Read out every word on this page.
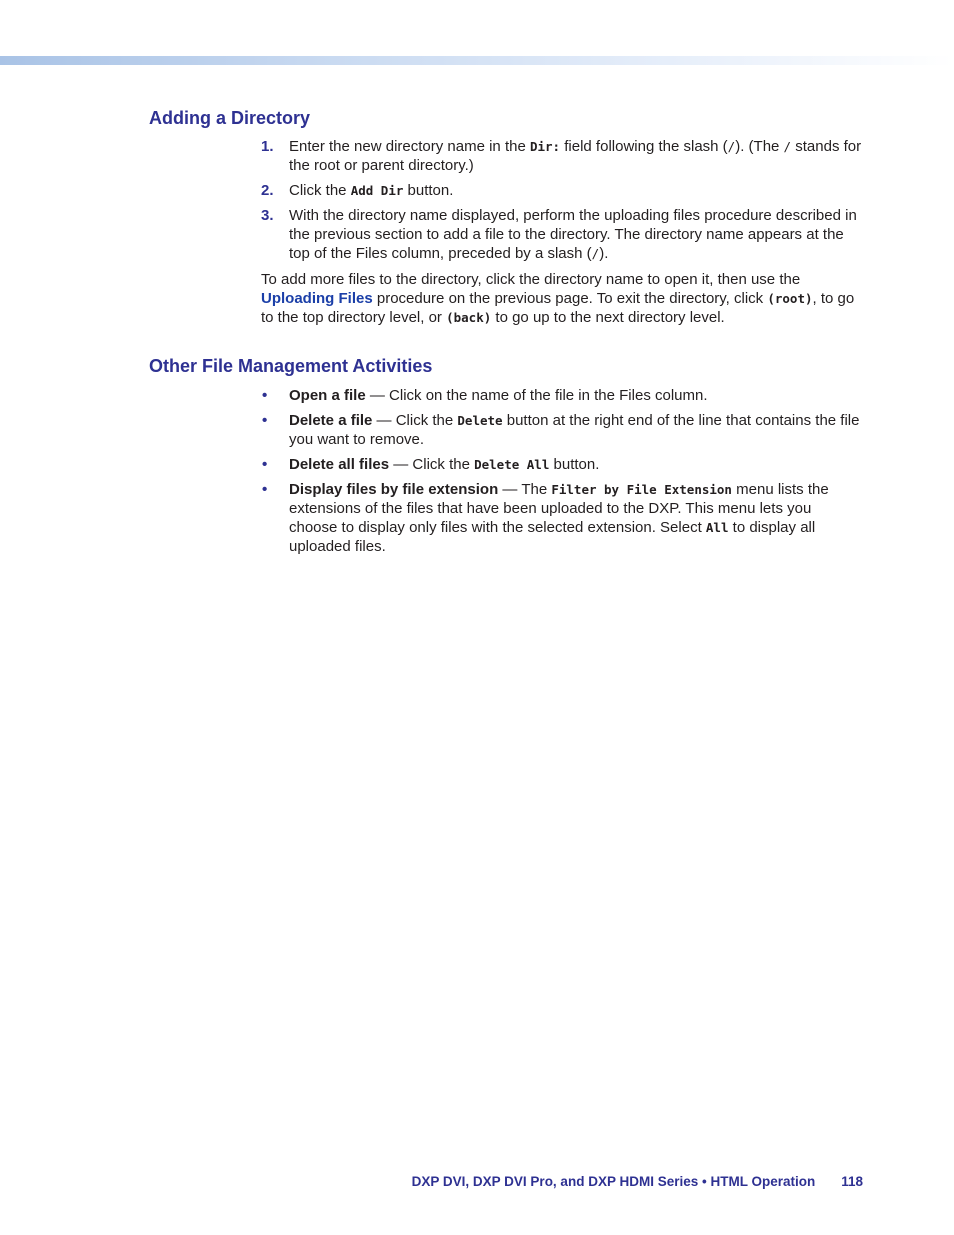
Adding a Directory
1. Enter the new directory name in the Dir: field following the slash (/). (The / stands for the root or parent directory.)
2. Click the Add Dir button.
3. With the directory name displayed, perform the uploading files procedure described in the previous section to add a file to the directory. The directory name appears at the top of the Files column, preceded by a slash (/).

To add more files to the directory, click the directory name to open it, then use the Uploading Files procedure on the previous page. To exit the directory, click (root), to go to the top directory level, or (back) to go up to the next directory level.

Other File Management Activities
• Open a file — Click on the name of the file in the Files column.
• Delete a file — Click the Delete button at the right end of the line that contains the file you want to remove.
• Delete all files — Click the Delete All button.
• Display files by file extension — The Filter by File Extension menu lists the extensions of the files that have been uploaded to the DXP. This menu lets you choose to display only files with the selected extension. Select All to display all uploaded files.
DXP DVI, DXP DVI Pro, and DXP HDMI Series • HTML Operation 118
